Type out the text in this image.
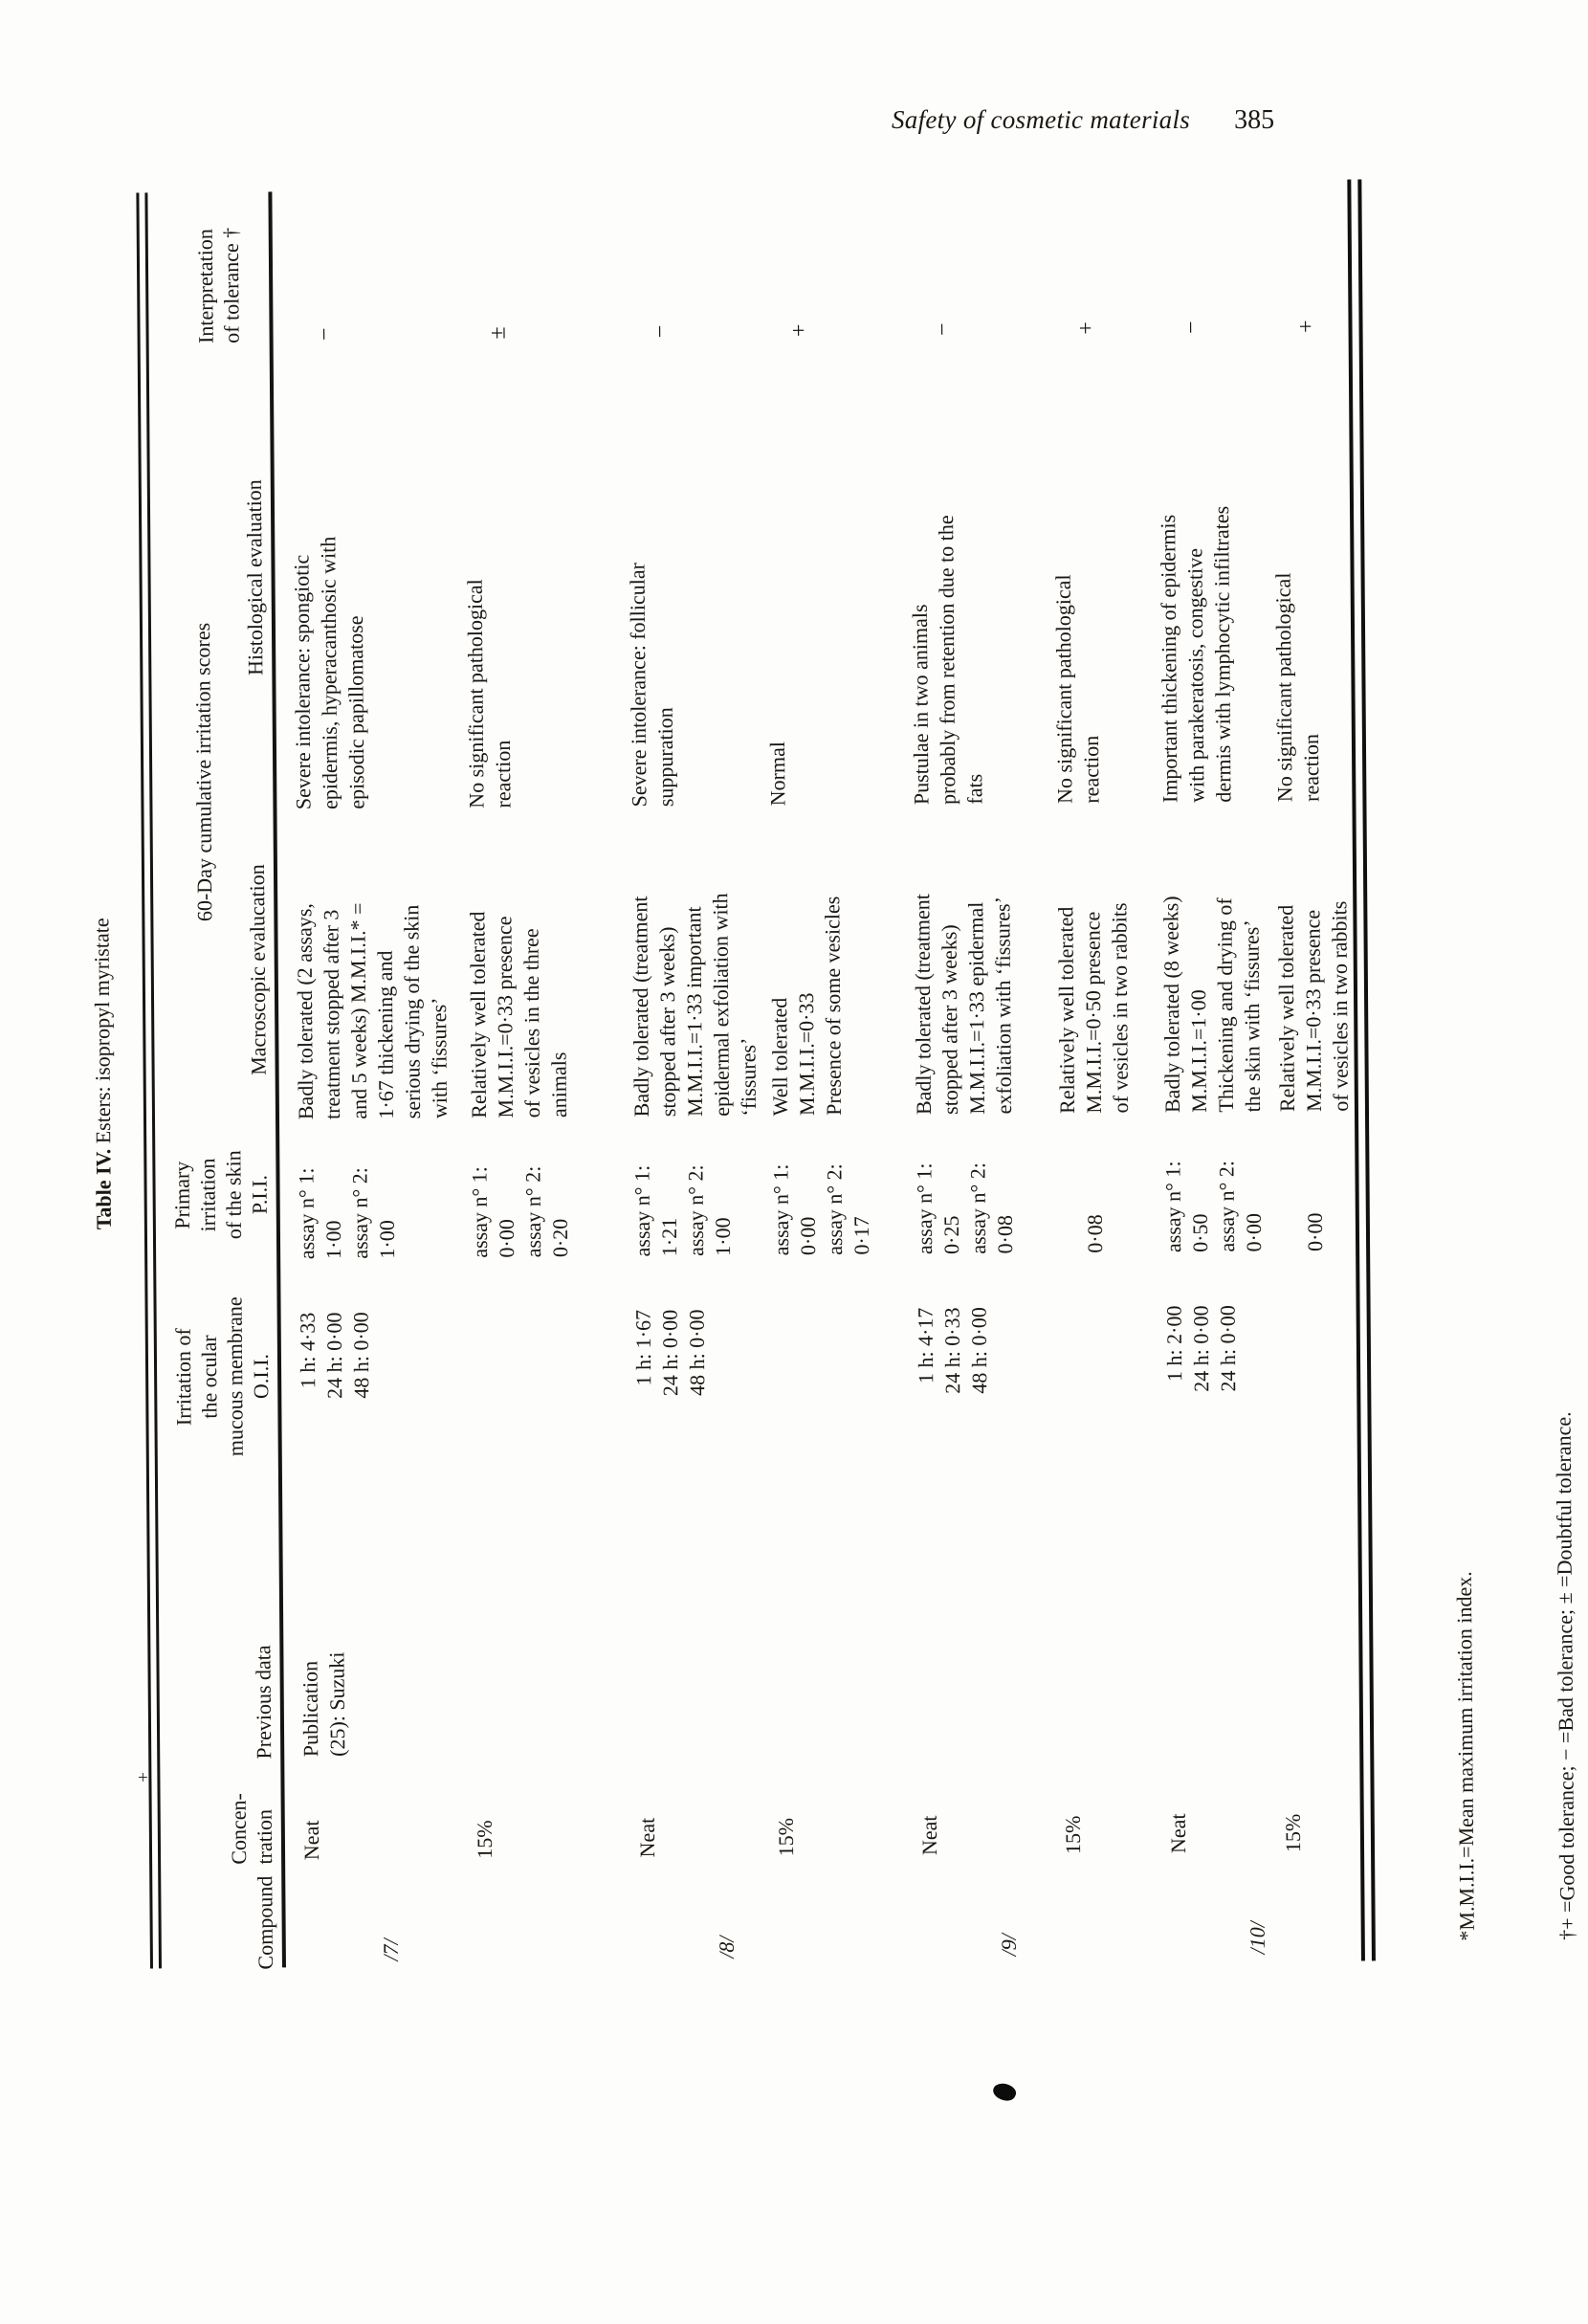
Safety of cosmetic materials 385
Table IV. Esters: isopropyl myristate
Compound
Concen-
tration
Previous data
Irritation of
the ocular
mucous membrane
O.I.I.
Primary
irritation
of the skin
P.I.I.
Macroscopic evalucation
Histological evaluation
Interpretation
of tolerance †
60-Day cumulative irritation scores
/7/
Neat
Publication
(25): Suzuki
1 h: 4·33
24 h: 0·00
48 h: 0·00
assay n° 1:
1·00
assay n° 2:
1·00
Badly tolerated (2 assays,
treatment stopped after 3
and 5 weeks) M.M.I.I.* =
1·67 thickening and
serious drying of the skin
with ‘fissures’
Severe intolerance: spongiotic
epidermis, hyperacanthosic with
episodic papillomatose
−
15%
assay n° 1:
0·00
assay n° 2:
0·20
Relatively well tolerated
M.M.I.I.=0·33 presence
of vesicles in the three
animals
No significant pathological
reaction
±
/8/
Neat
1 h: 1·67
24 h: 0·00
48 h: 0·00
assay n° 1:
1·21
assay n° 2:
1·00
Badly tolerated (treatment
stopped after 3 weeks)
M.M.I.I.=1·33 important
epidermal exfoliation with
‘fissures’
Severe intolerance: follicular
suppuration
−
15%
assay n° 1:
0·00
assay n° 2:
0·17
Well tolerated
M.M.I.I.=0·33
Presence of some vesicles
Normal
+
/9/
Neat
1 h: 4·17
24 h: 0·33
48 h: 0·00
assay n° 1:
0·25
assay n° 2:
0·08
Badly tolerated (treatment
stopped after 3 weeks)
M.M.I.I.=1·33 epidermal
exfoliation with ‘fissures’
Pustulae in two animals
probably from retention due to the
fats
−
15%

0·08
Relatively well tolerated
M.M.I.I.=0·50 presence
of vesicles in two rabbits
No significant pathological
reaction
+
/10/
Neat
1 h: 2·00
24 h: 0·00
24 h: 0·00
assay n° 1:
0·50
assay n° 2:
0·00
Badly tolerated (8 weeks)
M.M.I.I.=1·00
Thickening and drying of
the skin with ‘fissures’
Important thickening of epidermis
with parakeratosis, congestive
dermis with lymphocytic infiltrates
−
15%

0·00
Relatively well tolerated
M.M.I.I.=0·33 presence
of vesicles in two rabbits
No significant pathological
reaction
+

*M.M.I.I.=Mean maximum irritation index.

	†+ =Good tolerance; − =Bad tolerance; ± =Doubtful tolerance.

+
